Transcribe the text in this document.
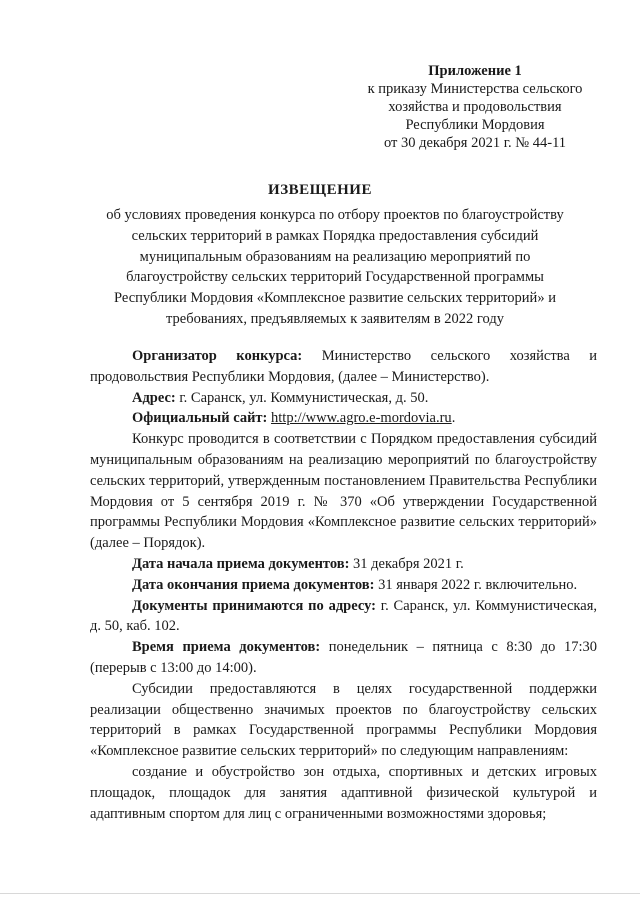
Приложение 1
к приказу Министерства сельского
хозяйства и продовольствия
Республики Мордовия
от 30 декабря 2021 г. № 44-11
ИЗВЕЩЕНИЕ
об условиях проведения конкурса по отбору проектов по благоустройству сельских территорий в рамках Порядка предоставления субсидий муниципальным образованиям на реализацию мероприятий по благоустройству сельских территорий Государственной программы Республики Мордовия «Комплексное развитие сельских территорий» и требованиях, предъявляемых к заявителям в 2022 году

Организатор конкурса: Министерство сельского хозяйства и продовольствия Республики Мордовия, (далее – Министерство).

Адрес: г. Саранск, ул. Коммунистическая, д. 50.

Официальный сайт: http://www.agro.e-mordovia.ru.

Конкурс проводится в соответствии с Порядком предоставления субсидий муниципальным образованиям на реализацию мероприятий по благоустройству сельских территорий, утвержденным постановлением Правительства Республики Мордовия от 5 сентября 2019 г. № 370 «Об утверждении Государственной программы Республики Мордовия «Комплексное развитие сельских территорий» (далее – Порядок).

Дата начала приема документов: 31 декабря 2021 г.

Дата окончания приема документов: 31 января 2022 г. включительно.

Документы принимаются по адресу: г. Саранск, ул. Коммунистическая, д. 50, каб. 102.

Время приема документов: понедельник – пятница с 8:30 до 17:30 (перерыв с 13:00 до 14:00).

Субсидии предоставляются в целях государственной поддержки реализации общественно значимых проектов по благоустройству сельских территорий в рамках Государственной программы Республики Мордовия «Комплексное развитие сельских территорий» по следующим направлениям:

создание и обустройство зон отдыха, спортивных и детских игровых площадок, площадок для занятия адаптивной физической культурой и адаптивным спортом для лиц с ограниченными возможностями здоровья;
